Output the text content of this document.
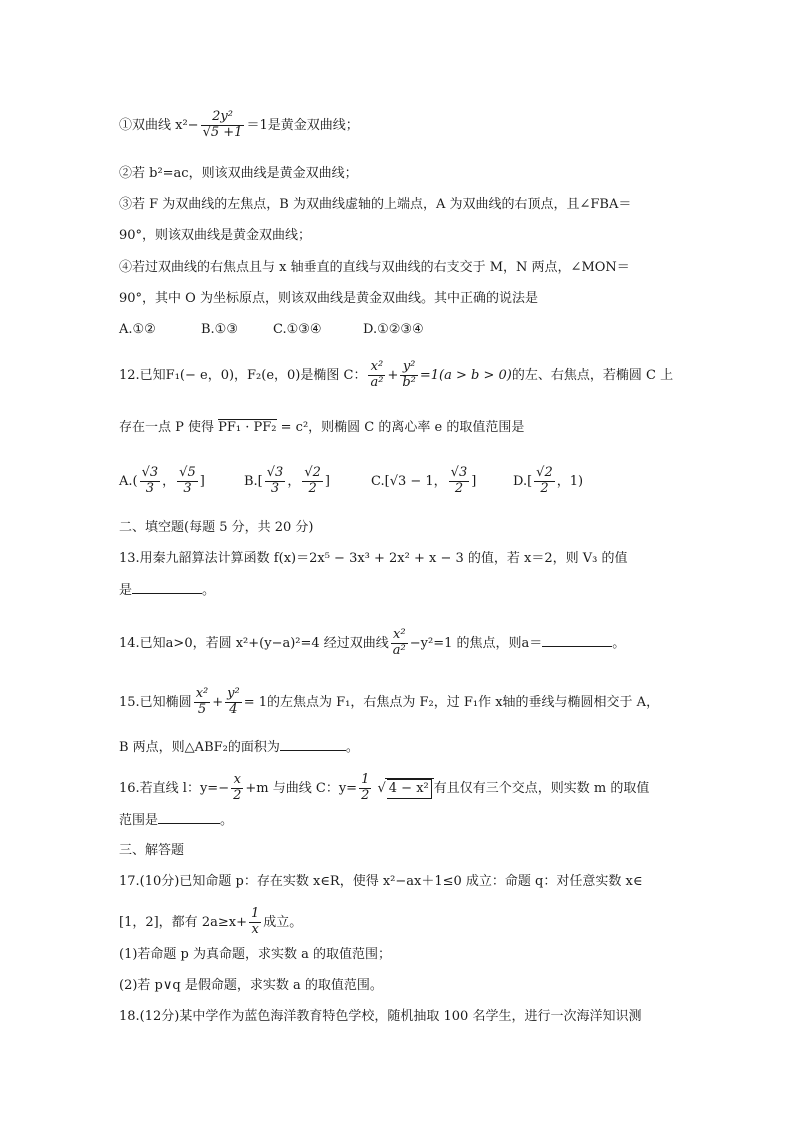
①双曲线 $x^2- \frac{\text{2y²}}{√5 +1} =1$是黄金双曲线；
②若 b²=ac，则该双曲线是黄金双曲线；
③若 F 为双曲线的左焦点，B 为双曲线虚轴的上端点，A 为双曲线的右顶点，且∠FBA＝
90°，则该双曲线是黄金双曲线；
④若过双曲线的右焦点且与 x 轴垂直的直线与双曲线的右支交于 M，N 两点，∠MON＝
90°，其中 O 为坐标原点，则该双曲线是黄金双曲线。其中正确的说法是
A.①②	B.①③	C.①③④	D.①②③④
12.已知F₁(− e，0)，F₂(e，0)是椭图 C： $\frac{\text{x²}}{\text{a²}} + \frac{\text{y²}}{\text{b²}} =1(a > b > 0)$的左、右焦点，若椭圆 C 上
存在一点 P 使得 PF₁ · PF₂ = c²，则椭圆 C 的离心率 e 的取值范围是
$A.( \frac{√3}{3}$ ， $\frac{√5}{3}$ ]	$B.[ \frac{√3}{3}$ ， $\frac{√2}{2}$ ]	C.[√3 − 1， $\frac{√3}{2}$ ]	$D.[ \frac{√2}{2}$ ，1)
二、填空题(每题 5 分，共 20 分)
13.用秦九韶算法计算函数 f(x)＝2x⁵ − 3x³ + 2x² + x − 3 的值，若 x＝2，则 V₃ 的值
是	。
14.已知a>0，若圆 x²+(y−a)²=4 经过双曲线 $\frac{\text{x²}}{\text{a²}} -y^2=1$ 的焦点，则a＝	。
15.已知椭圆 $\frac{\text{x²}}{5} + \frac{\text{y²}}{4} = 1$的左焦点为 F₁，右焦点为 F₂，过 F₁作 x轴的垂线与椭圆相交于 A，
B 两点，则△ABF₂的面积为	。
16.若直线 l：$y=- \frac{x}{2} +m$ 与曲线 C：$y= \frac{1}{2}$ √ 4 − x² 有且仅有三个交点，则实数 m 的取值
范围是	。
三、解答题
17.(10分)已知命题 p：存在实数 x∈R，使得 x²−ax＋1≤0 成立：命题 q：对任意实数 x∈
[1，2]，都有 $2a\ge x+ \frac{1}{x}$ 成立。
(1)若命题 p 为真命题，求实数 a 的取值范围；
(2)若 p∨q 是假命题，求实数 a 的取值范围。
18.(12分)某中学作为蓝色海洋教育特色学校，随机抽取 100 名学生，进行一次海洋知识测
